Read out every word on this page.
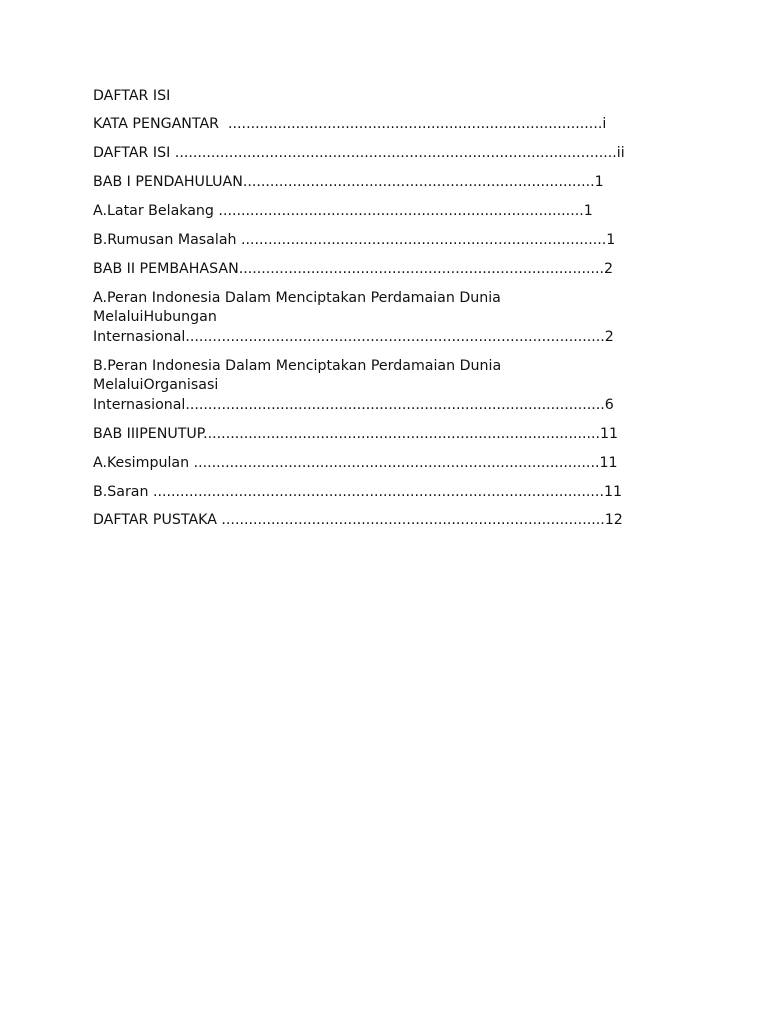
DAFTAR ISI
KATA PENGANTAR  ...................................................................................i
DAFTAR ISI ..................................................................................................ii
BAB I PENDAHULUAN..............................................................................1
A.Latar Belakang .................................................................................1
B.Rumusan Masalah .................................................................................1
BAB II PEMBAHASAN.................................................................................2
A.Peran Indonesia Dalam Menciptakan Perdamaian Dunia
MelaluiHubungan
Internasional.............................................................................................2
B.Peran Indonesia Dalam Menciptakan Perdamaian Dunia
MelaluiOrganisasi
Internasional.............................................................................................6
BAB IIIPENUTUP........................................................................................11
A.Kesimpulan ..........................................................................................11
B.Saran ....................................................................................................11
DAFTAR PUSTAKA .....................................................................................12
